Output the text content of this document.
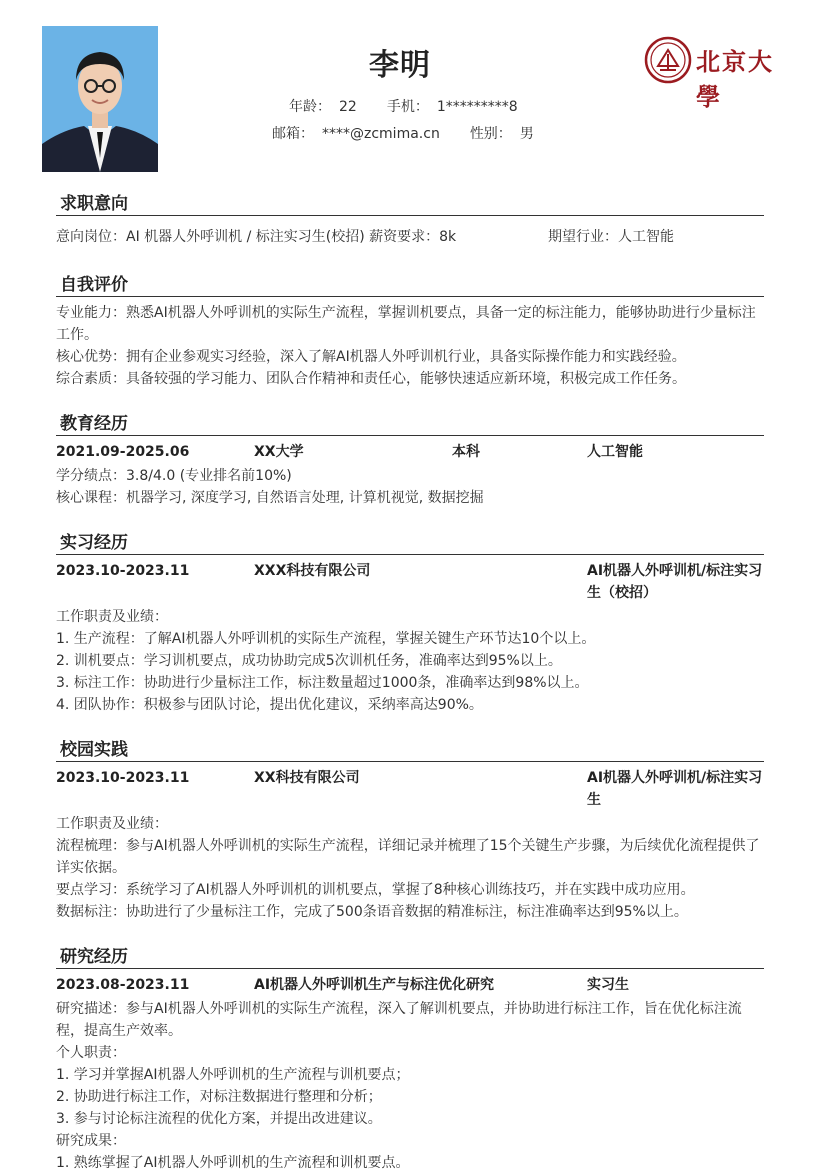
李明
年龄： 22 手机： 1*********8
邮箱： ****@zcmima.cn 性别： 男
北京大學
求职意向
意向岗位：AI 机器人外呼训机 / 标注实习生(校招) 薪资要求：8k	期望行业：人工智能
自我评价
专业能力：熟悉AI机器人外呼训机的实际生产流程，掌握训机要点，具备一定的标注能力，能够协助进行少量标注工作。
核心优势：拥有企业参观实习经验，深入了解AI机器人外呼训机行业，具备实际操作能力和实践经验。
综合素质：具备较强的学习能力、团队合作精神和责任心，能够快速适应新环境，积极完成工作任务。
教育经历
2021.09-2025.06	XX大学	本科	人工智能
学分绩点：3.8/4.0 (专业排名前10%)
核心课程：机器学习, 深度学习, 自然语言处理, 计算机视觉, 数据挖掘
实习经历
2023.10-2023.11	XXX科技有限公司	AI机器人外呼训机/标注实习生（校招）
工作职责及业绩：
1. 生产流程：了解AI机器人外呼训机的实际生产流程，掌握关键生产环节达10个以上。
2. 训机要点：学习训机要点，成功协助完成5次训机任务，准确率达到95%以上。
3. 标注工作：协助进行少量标注工作，标注数量超过1000条，准确率达到98%以上。
4. 团队协作：积极参与团队讨论，提出优化建议，采纳率高达90%。
校园实践
2023.10-2023.11	XX科技有限公司	AI机器人外呼训机/标注实习生
工作职责及业绩：
流程梳理：参与AI机器人外呼训机的实际生产流程，详细记录并梳理了15个关键生产步骤，为后续优化流程提供了详实依据。
要点学习：系统学习了AI机器人外呼训机的训机要点，掌握了8种核心训练技巧，并在实践中成功应用。
数据标注：协助进行了少量标注工作，完成了500条语音数据的精准标注，标注准确率达到95%以上。
研究经历
2023.08-2023.11	AI机器人外呼训机生产与标注优化研究	实习生
研究描述：参与AI机器人外呼训机的实际生产流程，深入了解训机要点，并协助进行标注工作，旨在优化标注流程，提高生产效率。
个人职责：
1. 学习并掌握AI机器人外呼训机的生产流程与训机要点；
2. 协助进行标注工作，对标注数据进行整理和分析；
3. 参与讨论标注流程的优化方案，并提出改进建议。
研究成果：
1. 熟练掌握了AI机器人外呼训机的生产流程和训机要点。
